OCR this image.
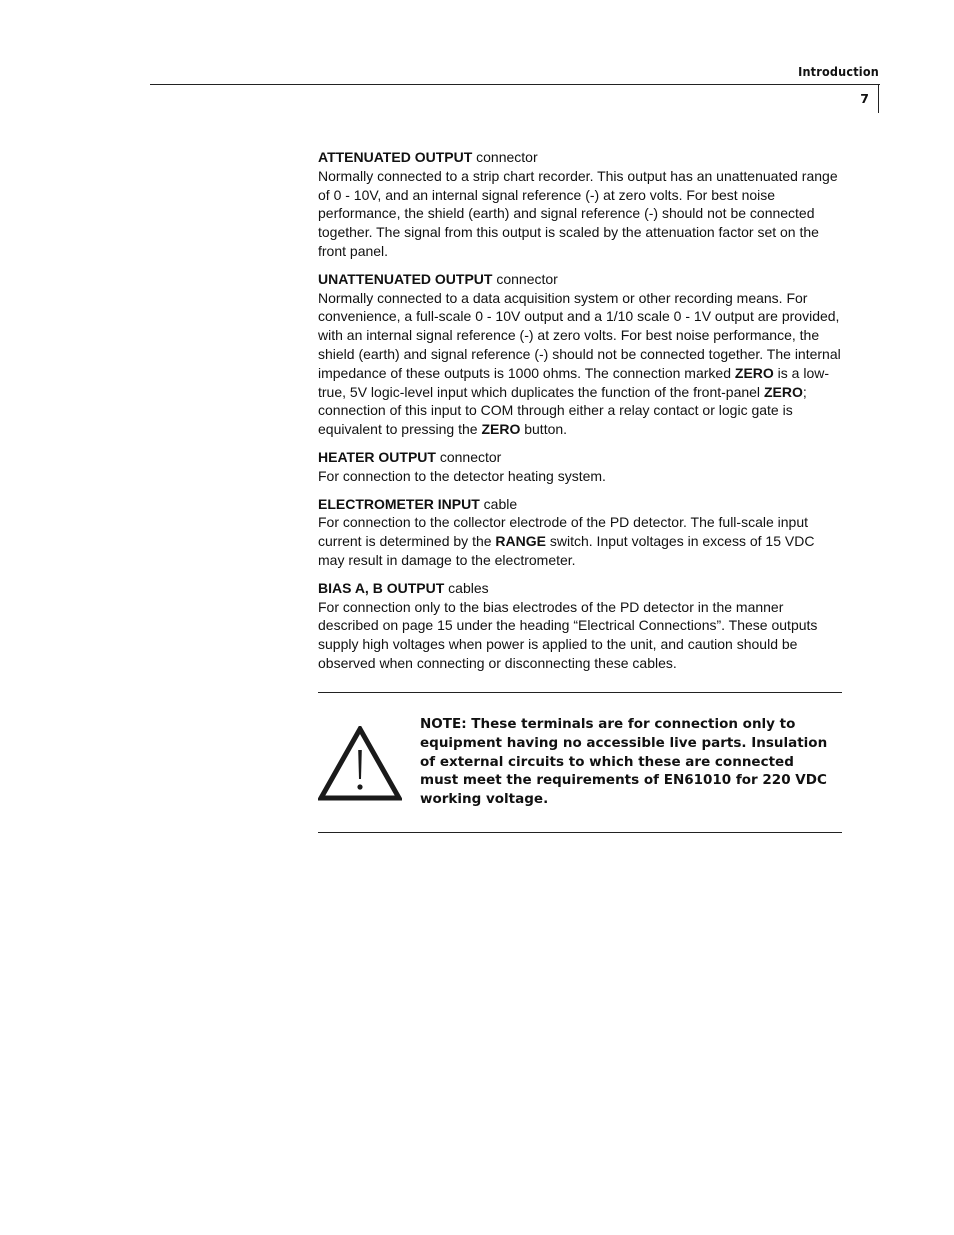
Introduction
7

ATTENUATED OUTPUT connector

Normally connected to a strip chart recorder. This output has an unattenuated range of 0 - 10V, and an internal signal reference (-) at zero volts. For best noise performance, the shield (earth) and signal reference (-) should not be connected together. The signal from this output is scaled by the attenuation factor set on the front panel.

UNATTENUATED OUTPUT connector

Normally connected to a data acquisition system or other recording means. For convenience, a full-scale 0 - 10V output and a 1/10 scale 0 - 1V output are provided, with an internal signal reference (-) at zero volts. For best noise performance, the shield (earth) and signal reference (-) should not be connected together. The internal impedance of these outputs is 1000 ohms. The connection marked ZERO is a low-true, 5V logic-level input which duplicates the function of the front-panel ZERO; connection of this input to COM through either a relay contact or logic gate is equivalent to pressing the ZERO button.

HEATER OUTPUT connector

For connection to the detector heating system.

ELECTROMETER INPUT cable

For connection to the collector electrode of the PD detector. The full-scale input current is determined by the RANGE switch. Input voltages in excess of 15 VDC may result in damage to the electrometer.

BIAS A, B OUTPUT cables

For connection only to the bias electrodes of the PD detector in the manner described on page 15 under the heading “Electrical Connections”. These outputs supply high voltages when power is applied to the unit, and caution should be observed when connecting or disconnecting these cables.

NOTE: These terminals are for connection only to equipment having no accessible live parts. Insulation of external circuits to which these are connected must meet the requirements of EN61010 for 220 VDC working voltage.
